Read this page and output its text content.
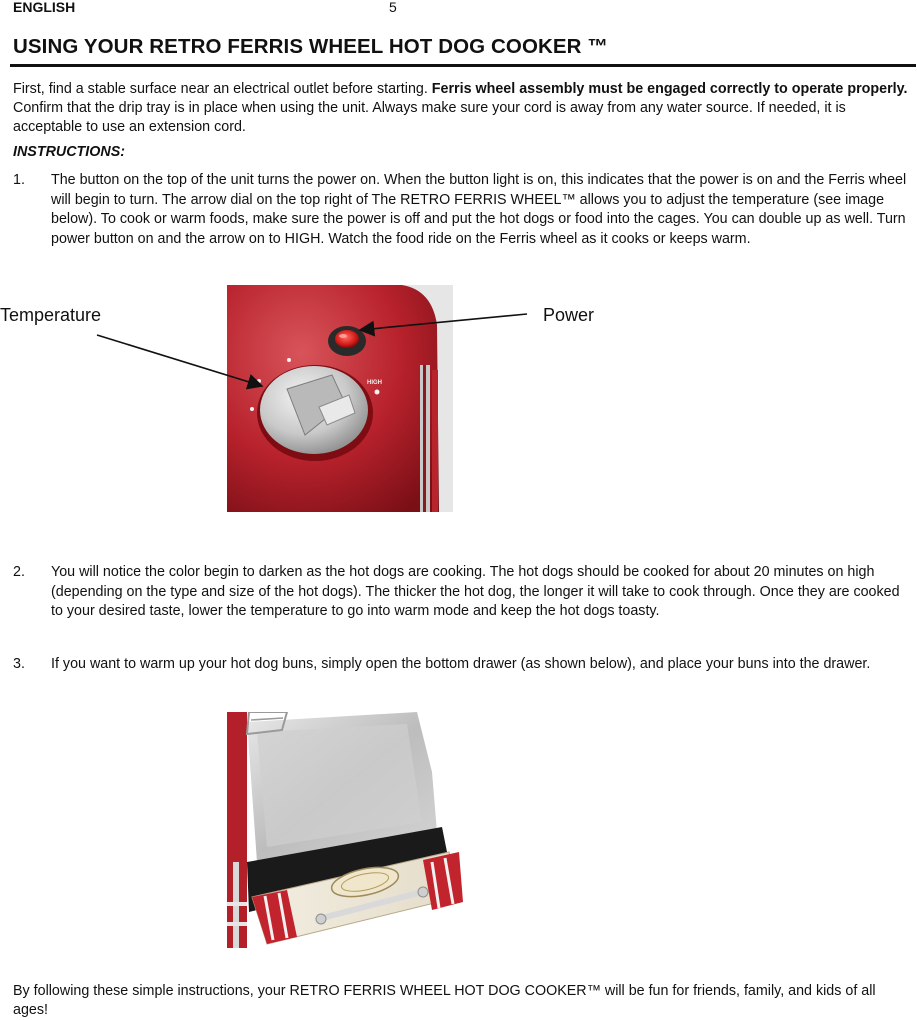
ENGLISH	5
USING YOUR RETRO FERRIS WHEEL HOT DOG COOKER ™
First, find a stable surface near an electrical outlet before starting. Ferris wheel assembly must be engaged correctly to operate properly. Confirm that the drip tray is in place when using the unit. Always make sure your cord is away from any water source. If needed, it is acceptable to use an extension cord.
INSTRUCTIONS:
1. The button on the top of the unit turns the power on. When the button light is on, this indicates that the power is on and the Ferris wheel will begin to turn. The arrow dial on the top right of The RETRO FERRIS WHEEL™ allows you to adjust the temperature (see image below). To cook or warm foods, make sure the power is off and put the hot dogs or food into the cages. You can double up as well. Turn power button on and the arrow on to HIGH. Watch the food ride on the Ferris wheel as it cooks or keeps warm.
Temperature	Power
HIGH
2. You will notice the color begin to darken as the hot dogs are cooking. The hot dogs should be cooked for about 20 minutes on high (depending on the type and size of the hot dogs). The thicker the hot dog, the longer it will take to cook through. Once they are cooked to your desired taste, lower the temperature to go into warm mode and keep the hot dogs toasty.
3. If you want to warm up your hot dog buns, simply open the bottom drawer (as shown below), and place your buns into the drawer.
By following these simple instructions, your RETRO FERRIS WHEEL HOT DOG COOKER™ will be fun for friends, family, and kids of all ages!
